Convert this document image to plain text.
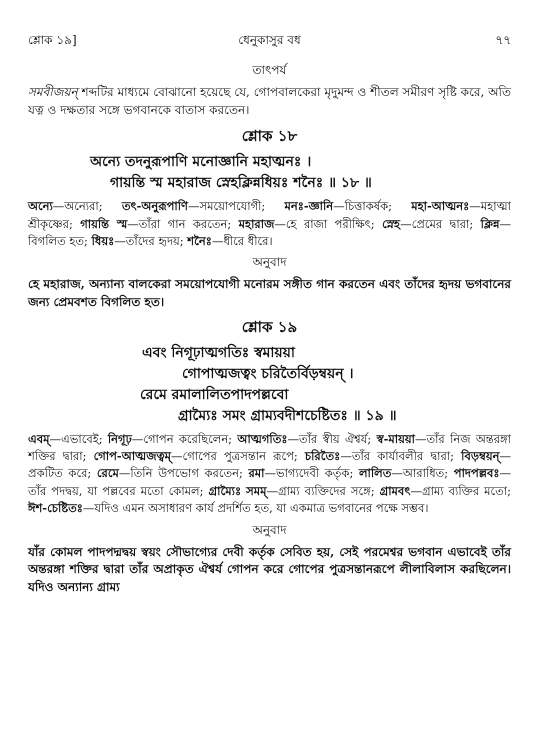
শ্লোক ১৯]	ধেনুকাসুর বধ	৭৭
তাৎপর্য

সমবীজয়ন্ শব্দটির মাধ্যমে বোঝানো হয়েছে যে, গোপবালকেরা মৃদুমন্দ ও শীতল সমীরণ সৃষ্টি করে, অতি যত্ন ও দক্ষতার সঙ্গে ভগবানকে বাতাস করতেন।

শ্লোক ১৮
অন্যে তদনুরূপাণি মনোজ্ঞানি মহাত্মনঃ ।
গায়ন্তি স্ম মহারাজ স্নেহক্লিন্নধিয়ঃ শনৈঃ ॥ ১৮ ॥

অন্যে—অন্যেরা; তৎ-অনুরূপাণি—সময়োপযোগী; মনঃ-জ্ঞানি—চিত্তাকর্ষক; মহা-আত্মনঃ—মহাত্মা শ্রীকৃষ্ণের; গায়ন্তি স্ম—তাঁরা গান করতেন; মহারাজ—হে রাজা পরীক্ষিৎ; স্নেহ—প্রেমের দ্বারা; ক্লিন্ন—বিগলিত হত; ধিয়ঃ—তাঁদের হৃদয়; শনৈঃ—ধীরে ধীরে।

অনুবাদ

হে মহারাজ, অন্যান্য বালকেরা সময়োপযোগী মনোরম সঙ্গীত গান করতেন এবং তাঁদের হৃদয় ভগবানের জন্য প্রেমবশত বিগলিত হত।

শ্লোক ১৯
এবং নিগূঢ়াত্মগতিঃ স্বমায়য়া
গোপাত্মজত্বং চরিতৈর্বিড়ম্বয়ন্ ।
রেমে রমালালিতপাদপল্লবো
গ্রাম্যৈঃ সমং গ্রাম্যবদীশচেষ্টিতঃ ॥ ১৯ ॥

এবম্—এভাবেই; নিগূঢ়—গোপন করেছিলেন; আত্মগতিঃ—তাঁর স্বীয় ঐশ্বর্য; স্ব-মায়য়া—তাঁর নিজ অন্তরঙ্গা শক্তির দ্বারা; গোপ-আত্মজত্বম্—গোপের পুত্রসন্তান রূপে; চরিতৈঃ—তাঁর কার্যাবলীর দ্বারা; বিড়ম্বয়ন্—প্রকটিত করে; রেমে—তিনি উপভোগ করতেন; রমা—ভাগ্যদেবী কর্তৃক; লালিত—আরাধিত; পাদপল্লবঃ—তাঁর পদদ্বয়, যা পল্লবের মতো কোমল; গ্রাম্যৈঃ সমম্—গ্রাম্য ব্যক্তিদের সঙ্গে; গ্রামবৎ—গ্রাম্য ব্যক্তির মতো; ঈশ-চেষ্টিতঃ—যদিও এমন অসাধারণ কার্য প্রদর্শিত হত, যা একমাত্র ভগবানের পক্ষে সম্ভব।

অনুবাদ

যাঁর কোমল পাদপদ্মদ্বয় স্বয়ং সৌভাগ্যের দেবী কর্তৃক সেবিত হয়, সেই পরমেশ্বর ভগবান এভাবেই তাঁর অন্তরঙ্গা শক্তির দ্বারা তাঁর অপ্রাকৃত ঐশ্বর্য গোপন করে গোপের পুত্রসন্তানরূপে লীলাবিলাস করছিলেন। যদিও অন্যান্য গ্রাম্য
